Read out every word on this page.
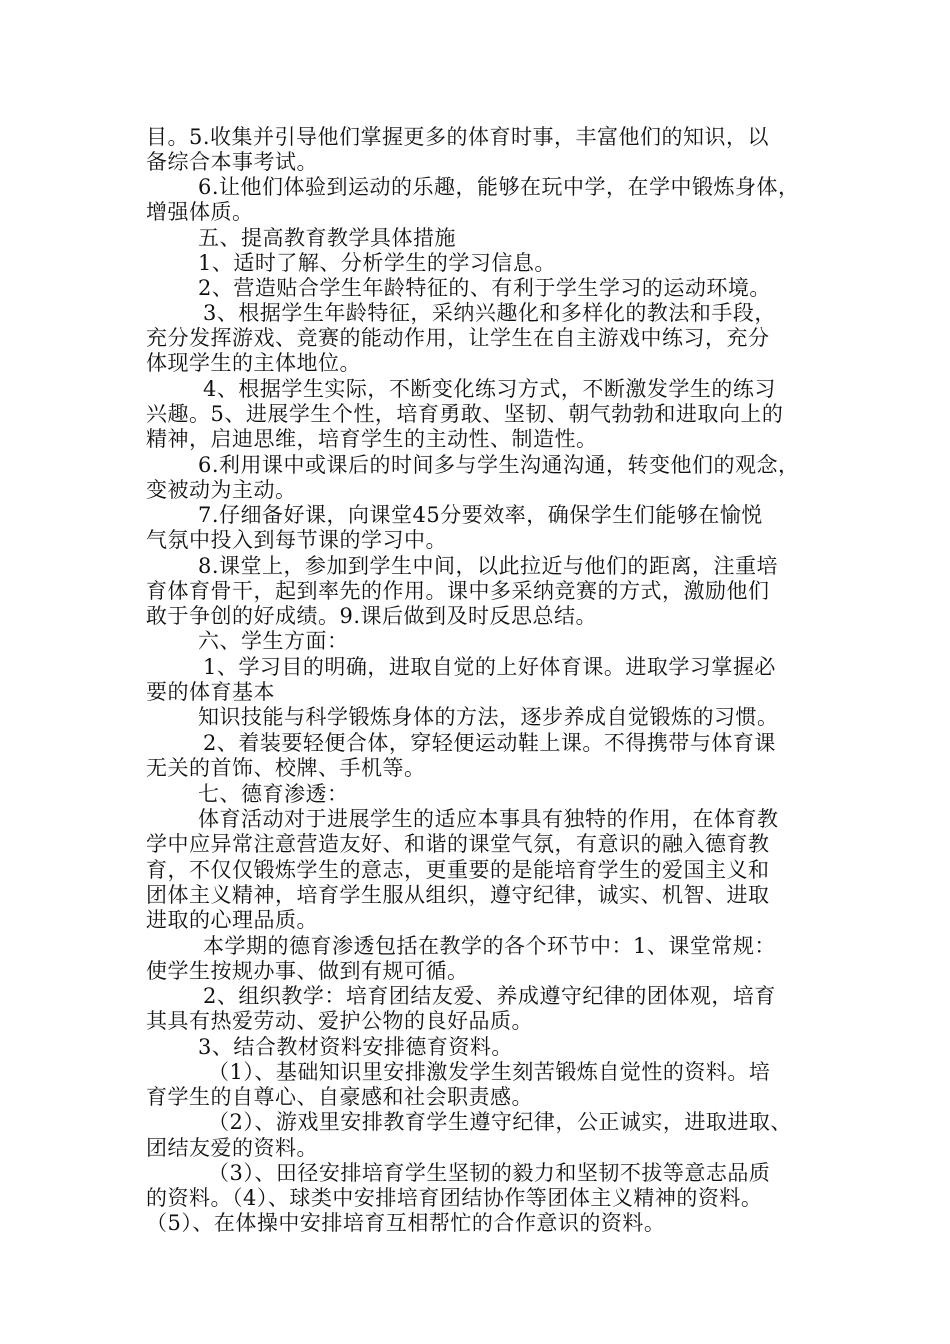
目。5.收集并引导他们掌握更多的体育时事，丰富他们的知识，以
备综合本事考试。
6.让他们体验到运动的乐趣，能够在玩中学，在学中锻炼身体，
增强体质。
五、提高教育教学具体措施
1、适时了解、分析学生的学习信息。
2、营造贴合学生年龄特征的、有利于学生学习的运动环境。
3、根据学生年龄特征，采纳兴趣化和多样化的教法和手段，
充分发挥游戏、竞赛的能动作用，让学生在自主游戏中练习，充分
体现学生的主体地位。
4、根据学生实际，不断变化练习方式，不断激发学生的练习
兴趣。5、进展学生个性，培育勇敢、坚韧、朝气勃勃和进取向上的
精神，启迪思维，培育学生的主动性、制造性。
6.利用课中或课后的时间多与学生沟通沟通，转变他们的观念，
变被动为主动。
7.仔细备好课，向课堂45分要效率，确保学生们能够在愉悦
气氛中投入到每节课的学习中。
8.课堂上，参加到学生中间，以此拉近与他们的距离，注重培
育体育骨干，起到率先的作用。课中多采纳竞赛的方式，激励他们
敢于争创的好成绩。9.课后做到及时反思总结。
六、学生方面：
1、学习目的明确，进取自觉的上好体育课。进取学习掌握必
要的体育基本
知识技能与科学锻炼身体的方法，逐步养成自觉锻炼的习惯。
2、着装要轻便合体，穿轻便运动鞋上课。不得携带与体育课
无关的首饰、校牌、手机等。
七、德育渗透：
体育活动对于进展学生的适应本事具有独特的作用，在体育教
学中应异常注意营造友好、和谐的课堂气氛，有意识的融入德育教
育，不仅仅锻炼学生的意志，更重要的是能培育学生的爱国主义和
团体主义精神，培育学生服从组织，遵守纪律，诚实、机智、进取
进取的心理品质。
本学期的德育渗透包括在教学的各个环节中：1、课堂常规：
使学生按规办事、做到有规可循。
2、组织教学：培育团结友爱、养成遵守纪律的团体观，培育
其具有热爱劳动、爱护公物的良好品质。
3、结合教材资料安排德育资料。
（1）、基础知识里安排激发学生刻苦锻炼自觉性的资料。培
育学生的自尊心、自豪感和社会职责感。
（2）、游戏里安排教育学生遵守纪律，公正诚实，进取进取、
团结友爱的资料。
（3）、田径安排培育学生坚韧的毅力和坚韧不拔等意志品质
的资料。（4）、球类中安排培育团结协作等团体主义精神的资料。
（5）、在体操中安排培育互相帮忙的合作意识的资料。
